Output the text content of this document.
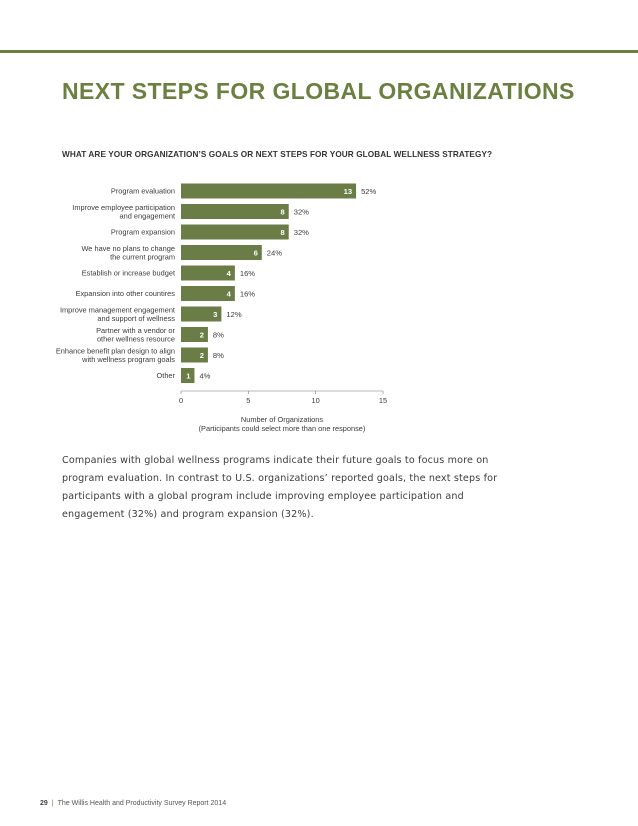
NEXT STEPS FOR GLOBAL ORGANIZATIONS
WHAT ARE YOUR ORGANIZATION’S GOALS OR NEXT STEPS FOR YOUR GLOBAL WELLNESS STRATEGY?
Program evaluation
Improve employee participation
and engagement
Program expansion
We have no plans to change
the current program
Establish or increase budget
Expansion into other countires
Improve management engagement
and support of wellness
Partner with a vendor or
other wellness resource
Enhance benefit plan design to align
with wellness program goals
Other
13
8
8
6
4
4
3
2
2
1
52%
32%
32%
24%
16%
16%
12%
8%
8%
4%
0	5	10	15
Number of Organizations
(Participants could select more than one response)

Companies with global wellness programs indicate their future goals to focus more on program evaluation. In contrast to U.S. organizations’ reported goals, the next steps for participants with a global program include improving employee participation and engagement (32%) and program expansion (32%).

29 | The Willis Health and Productivity Survey Report 2014
